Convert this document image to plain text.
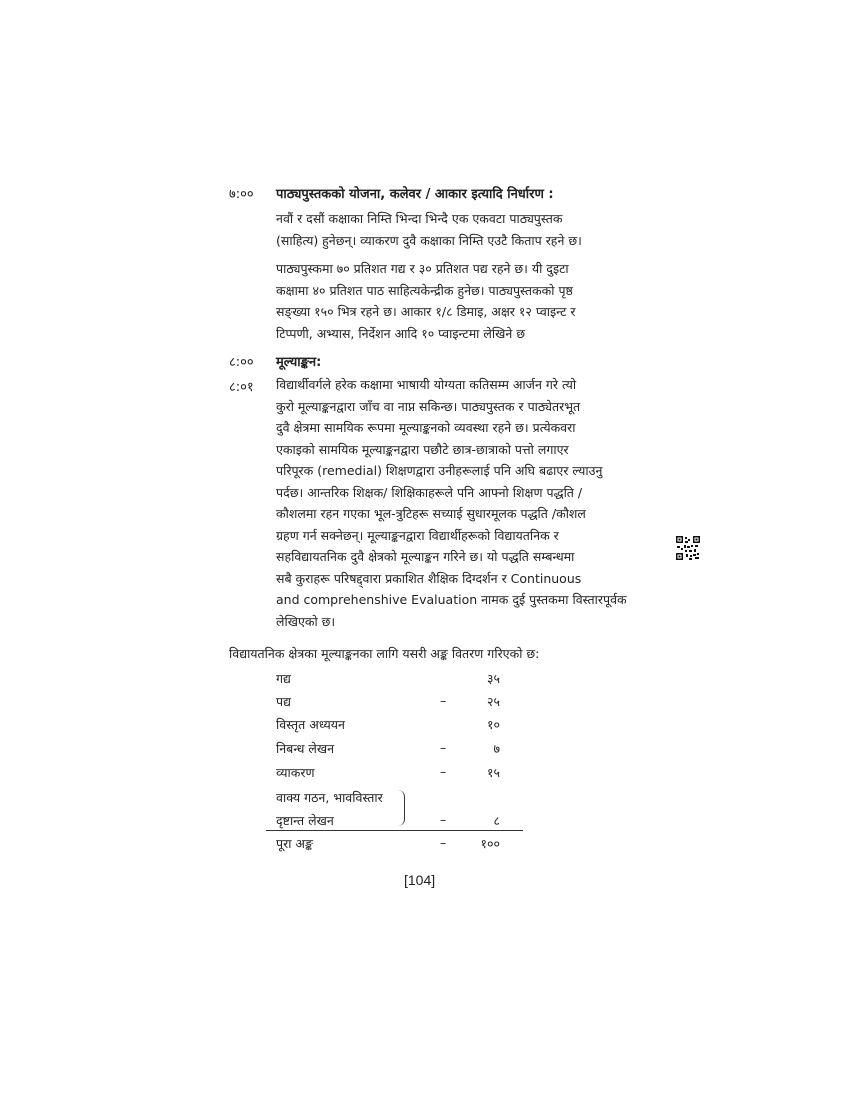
७:०० पाठ्यपुस्तकको योजना, कलेवर / आकार इत्यादि निर्धारण :
नवौं र दसौं कक्षाका निम्ति भिन्दा भिन्दै एक एकवटा पाठ्यपुस्तक
(साहित्य) हुनेछन्। व्याकरण दुवै कक्षाका निम्ति एउटै किताप रहने छ।
पाठ्यपुस्कमा ७० प्रतिशत गद्य र ३० प्रतिशत पद्य रहने छ। यी दुइटा
कक्षामा ४० प्रतिशत पाठ साहित्यकेन्द्रीक हुनेछ। पाठ्यपुस्तकको पृष्ठ
सङ्ख्या १५० भित्र रहने छ। आकार १/८ डिमाइ, अक्षर १२ प्वाइन्ट र
टिप्पणी, अभ्यास, निर्देशन आदि १० प्वाइन्टमा लेखिने छ
८:०० मूल्याङ्कन:
८:०१ विद्यार्थीवर्गले हरेक कक्षामा भाषायी योग्यता कतिसम्म आर्जन गरे त्यो
कुरो मूल्याङ्कनद्वारा जाँच वा नाप्न सकिन्छ। पाठ्यपुस्तक र पाठ्येतरभूत
दुवै क्षेत्रमा सामयिक रूपमा मूल्याङ्कनको व्यवस्था रहने छ। प्रत्येकवरा
एकाइको सामयिक मूल्याङ्कनद्वारा पछौटे छात्र-छात्राको पत्तो लगाएर
परिपूरक (remedial) शिक्षणद्वारा उनीहरूलाई पनि अघि बढाएर ल्याउनु
पर्दछ। आन्तरिक शिक्षक/ शिक्षिकाहरूले पनि आफ्नो शिक्षण पद्धति /
कौशलमा रहन गएका भूल-त्रुटिहरू सच्याई सुधारमूलक पद्धति /कौशल
ग्रहण गर्न सक्नेछन्। मूल्याङ्कनद्वारा विद्यार्थीहरूको विद्यायतनिक र
सहविद्यायतनिक दुवै क्षेत्रको मूल्याङ्कन गरिने छ। यो पद्धति सम्बन्धमा
सबै कुराहरू परिषद्द्वारा प्रकाशित शैक्षिक दिग्दर्शन र Continuous
and comprehenshive Evaluation नामक दुई पुस्तकमा विस्तारपूर्वक
लेखिएको छ।
विद्यायतनिक क्षेत्रका मूल्याङ्कनका लागि यसरी अङ्क वितरण गरिएको छ:
गद्य	३५
पद्य	–	२५
विस्तृत अध्ययन	१०
निबन्ध लेखन	–	७
व्याकरण	–	१५
वाक्य गठन, भावविस्तार
दृष्टान्त लेखन	–	८
पूरा अङ्क	–	१००
[104]
